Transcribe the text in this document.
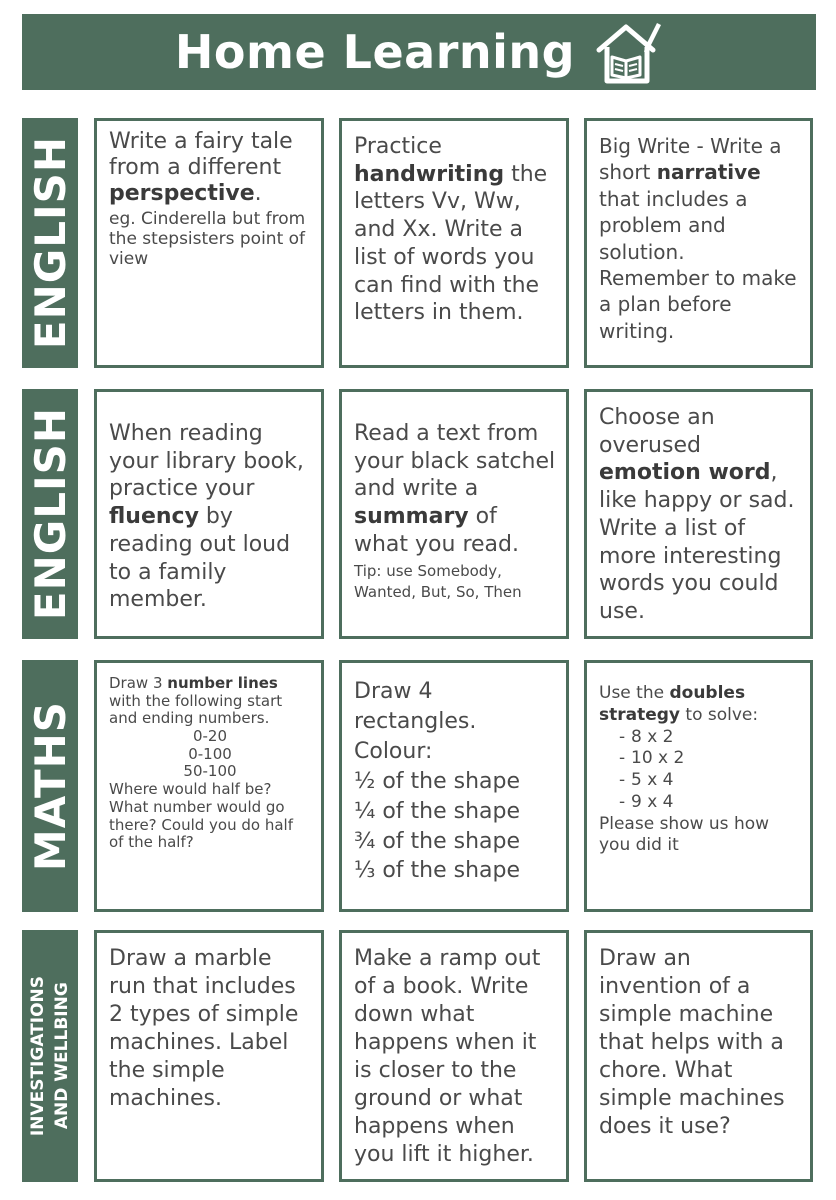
Home Learning
ENGLISH	Write a fairy tale from a different perspective.
eg. Cinderella but from the stepsisters point of view
Practice handwriting the letters Vv, Ww, and Xx. Write a list of words you can find with the letters in them.
Big Write - Write a short narrative that includes a problem and solution. Remember to make a plan before writing.
ENGLISH	When reading your library book, practice your fluency by reading out loud to a family member.
Read a text from your black satchel and write a summary of what you read.
Tip: use Somebody, Wanted, But, So, Then
Choose an overused emotion word, like happy or sad. Write a list of more interesting words you could use.
MATHS
Draw 3 number lines with the following start and ending numbers.
0-20
0-100
50-100
Where would half be? What number would go there? Could you do half of the half?
Draw 4 rectangles.
Colour:
½ of the shape
¼ of the shape
¾ of the shape
⅓ of the shape
Use the doubles strategy to solve:
- 8 x 2
- 10 x 2
- 5 x 4
- 9 x 4
Please show us how you did it
INVESTIGATIONS AND WELLBING
Draw a marble run that includes 2 types of simple machines. Label the simple machines.
Make a ramp out of a book. Write down what happens when it is closer to the ground or what happens when you lift it higher.
Draw an invention of a simple machine that helps with a chore. What simple machines does it use?
